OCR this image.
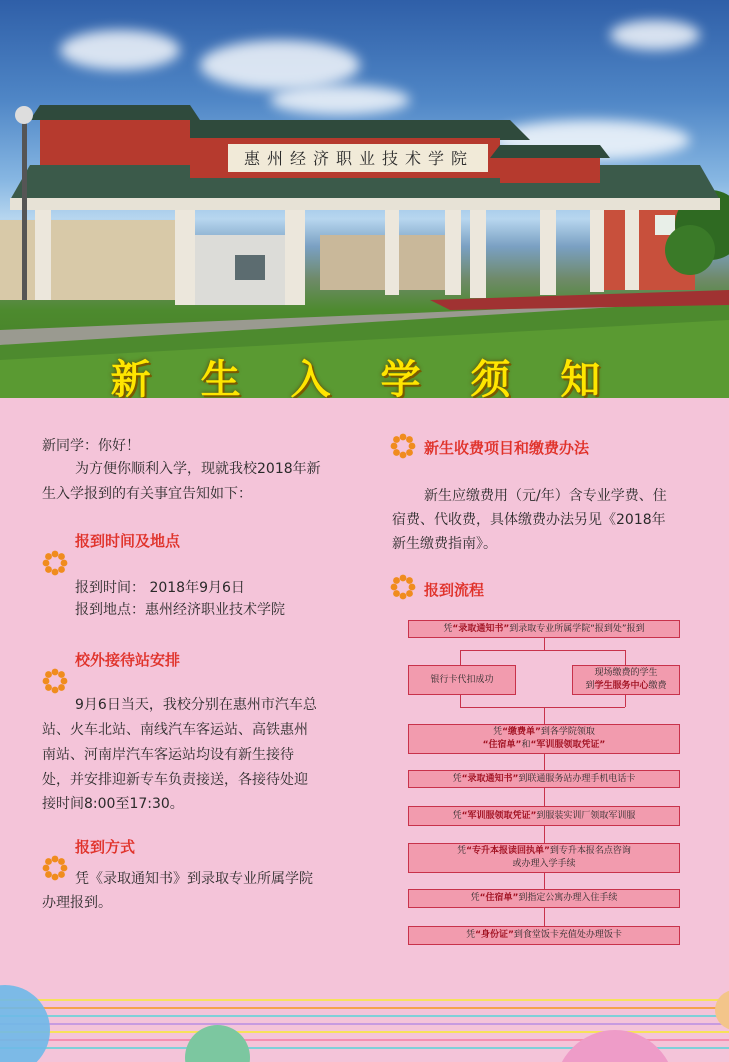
惠州经济职业技术学院
新 生 入 学 须 知
新同学：你好！
为方便你顺利入学，现就我校2018年新
生入学报到的有关事宜告知如下：
报到时间及地点
报到时间： 2018年9月6日
报到地点：惠州经济职业技术学院
校外接待站安排
9月6日当天，我校分别在惠州市汽车总
站、火车北站、南线汽车客运站、高铁惠州
南站、河南岸汽车客运站均设有新生接待
处，并安排迎新专车负责接送，各接待处迎
接时间8:00至17:30。
报到方式
凭《录取通知书》到录取专业所属学院
办理报到。
新生收费项目和缴费办法
新生应缴费用（元/年）含专业学费、住
宿费、代收费，具体缴费办法另见《2018年
新生缴费指南》。
报到流程
凭“录取通知书”到录取专业所属学院“报到处”报到
银行卡代扣成功
现场缴费的学生
到学生服务中心缴费
凭“缴费单”到各学院领取
“住宿单”和“军训服领取凭证”
凭“录取通知书”到联通服务站办理手机电话卡
凭“军训服领取凭证”到服装实训厂领取军训服
凭“专升本报读回执单”到专升本报名点咨询
或办理入学手续
凭“住宿单”到指定公寓办理入住手续
凭“身份证”到食堂饭卡充值处办理饭卡
